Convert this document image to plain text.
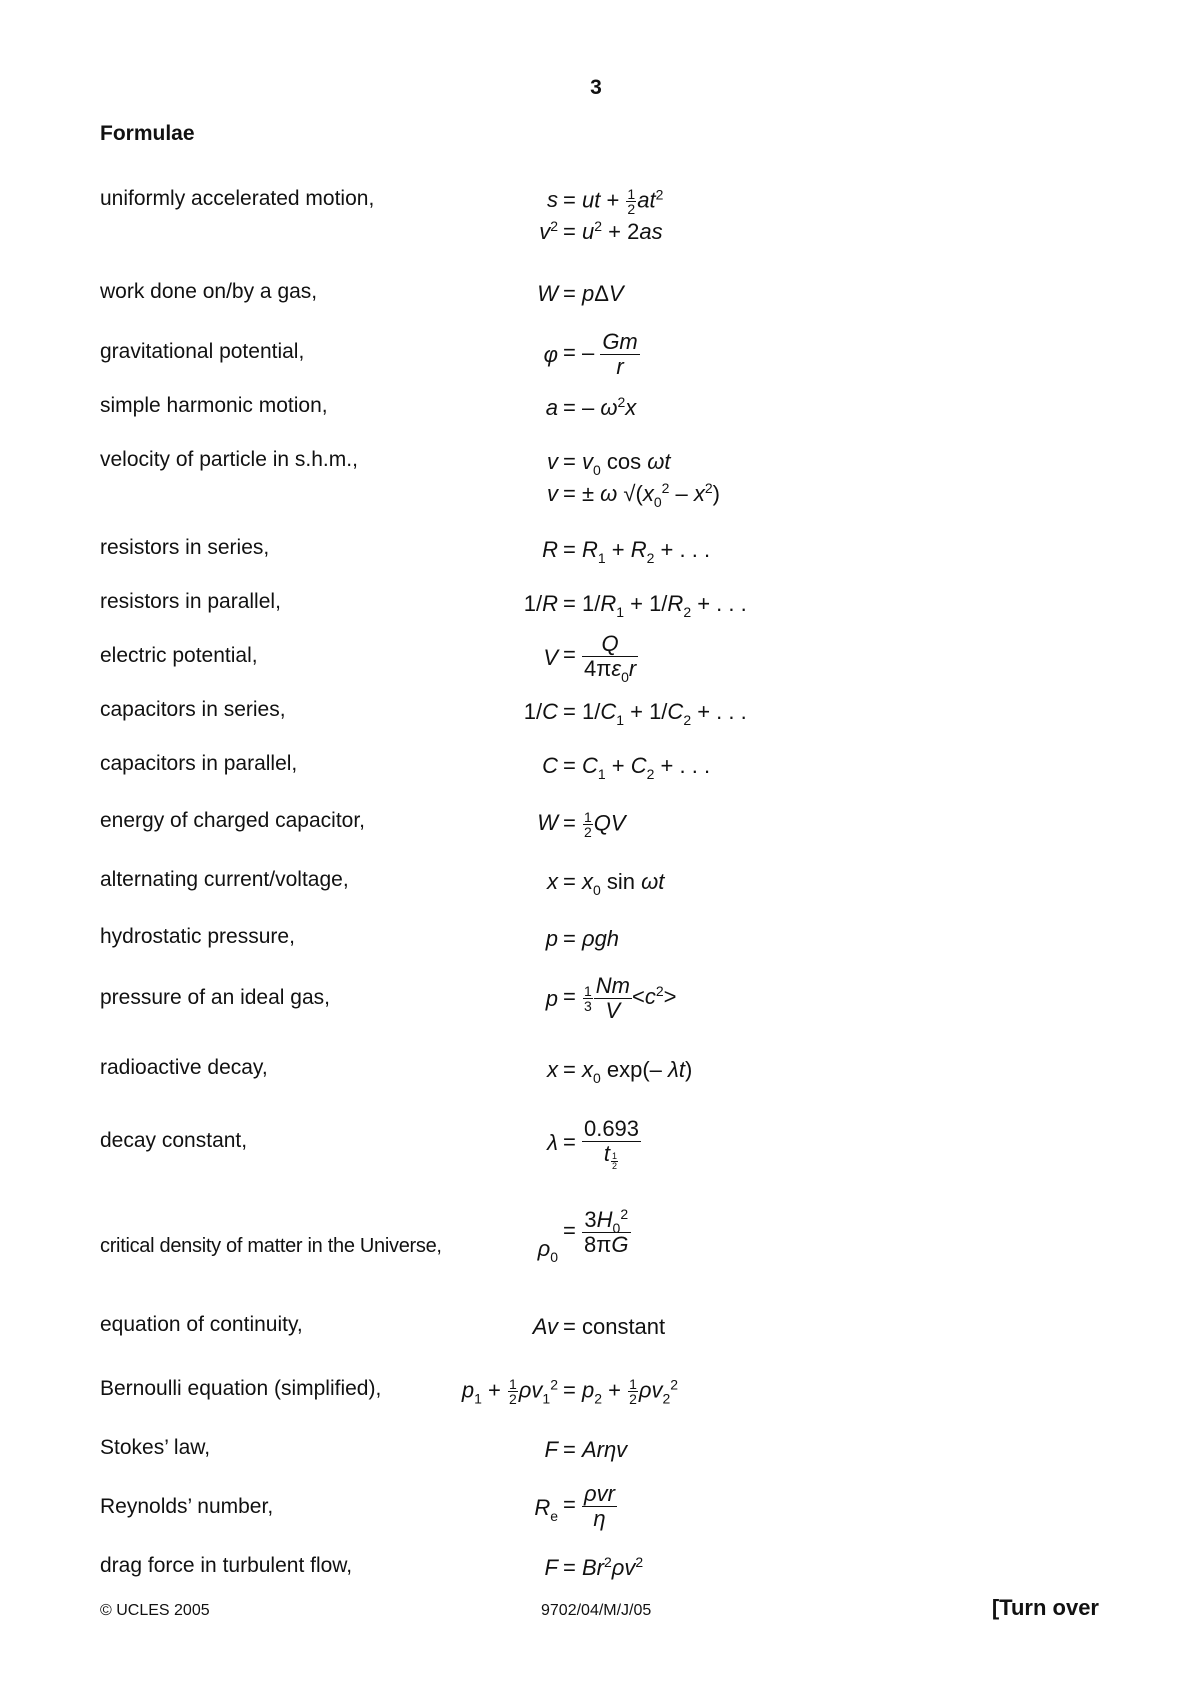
3
Formulae
uniformly accelerated motion,
work done on/by a gas,
gravitational potential,
simple harmonic motion,
velocity of particle in s.h.m.,
resistors in series,
resistors in parallel,
electric potential,
capacitors in series,
capacitors in parallel,
energy of charged capacitor,
alternating current/voltage,
hydrostatic pressure,
pressure of an ideal gas,
radioactive decay,
decay constant,
critical density of matter in the Universe,
equation of continuity,
Bernoulli equation (simplified),
Stokes’ law,
Reynolds’ number,
drag force in turbulent flow,
s = ut + $\frac{1}{2} at^2$
$v^2 = u^2 + 2as$
W = pΔV
φ = – $\frac{Gm}{r}$
a = – $\omega^2x$
$v = v_0$ cos ωt
v = ± ω $√(x_0^2 - x^2)$
$R = R_1 + R_2$ + . . .
$1/R = 1/R_1 + 1/R_2$ + . . .
$V = \frac{Q}{4\pi\varepsilon_0r}$
$1/C = 1/C_1 + 1/C_2$ + . . .
$C = C_1 + C_2$ + . . .
$W = \frac{1}{2}$ QV
$x = x_0$ sin ωt
p = ρgh
$p = \frac{1}{3} \frac{Nm}{V} <c^2>$
$x = x_0$ exp(– λt)
$\lambda = \frac{0.693}{t \frac{1}{2}}$
$\rho_0$
= $\frac{3H_0^2}{8\pi G}$
Av = constant
$p_1 + \frac{1}{2} \rho v_1^2 = p_2 + \frac{1}{2} \rho v_2^2$
F = Arηv
$R_e = \frac{\text{ρvr}}{\eta}$
$F = Br^2\rho v^2$
© UCLES 2005	9702/04/M/J/05	[Turn over
